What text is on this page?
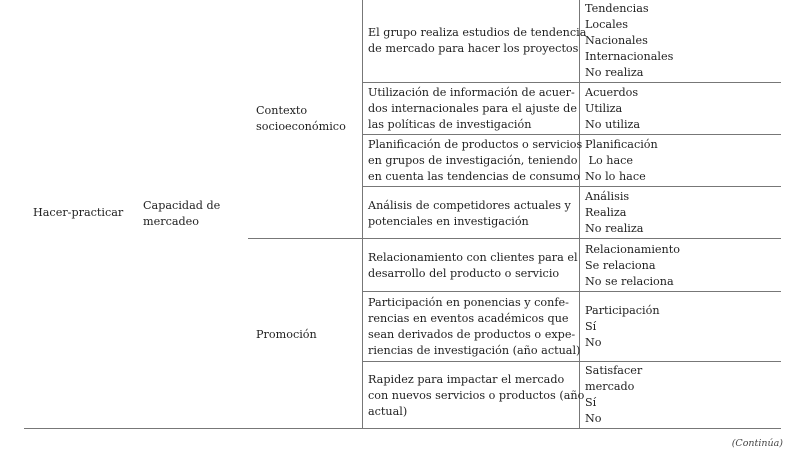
Hacer-practicar
Capacidad de
mercadeo
Contexto
socioeconómico
Promoción
El grupo realiza estudios de tendencia
de mercado para hacer los proyectos
Tendencias
Locales
Nacionales
Internacionales
No realiza
Utilización de información de acuer-
dos internacionales para el ajuste de
las políticas de investigación
Acuerdos
Utiliza
No utiliza
Planificación de productos o servicios
en grupos de investigación, teniendo
en cuenta las tendencias de consumo
Planificación
Lo hace
No lo hace
Análisis de competidores actuales y
potenciales en investigación
Análisis
Realiza
No realiza
Relacionamiento con clientes para el
desarrollo del producto o servicio
Relacionamiento
Se relaciona
No se relaciona
Participación en ponencias y confe-
rencias en eventos académicos que
sean derivados de productos o expe-
riencias de investigación (año actual)
Participación
Sí
No
Rapidez para impactar el mercado
con nuevos servicios o productos (año
actual)
Satisfacer
mercado
Sí
No
(Continúa)
